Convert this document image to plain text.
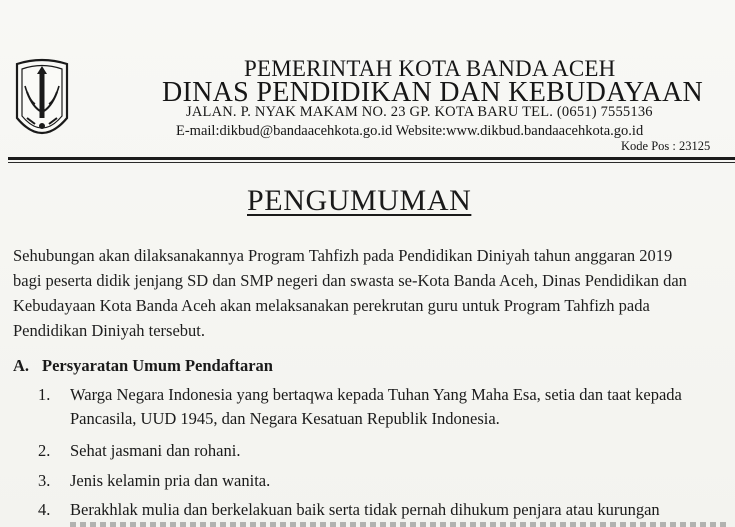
PEMERINTAH KOTA BANDA ACEH
DINAS PENDIDIKAN DAN KEBUDAYAAN
JALAN. P. NYAK MAKAM NO. 23 GP. KOTA BARU TEL. (0651) 7555136
E-mail:dikbud@bandaacehkota.go.id Website:www.dikbud.bandaacehkota.go.id
Kode Pos : 23125
PENGUMUMAN
Sehubungan akan dilaksanakannya Program Tahfizh pada Pendidikan Diniyah tahun anggaran 2019
bagi peserta didik jenjang SD dan SMP negeri dan swasta se-Kota Banda Aceh, Dinas Pendidikan dan
Kebudayaan Kota Banda Aceh akan melaksanakan perekrutan guru untuk Program Tahfizh pada
Pendidikan Diniyah tersebut.
A. Persyaratan Umum Pendaftaran
1. Warga Negara Indonesia yang bertaqwa kepada Tuhan Yang Maha Esa, setia dan taat kepada
Pancasila, UUD 1945, dan Negara Kesatuan Republik Indonesia.
2. Sehat jasmani dan rohani.
3. Jenis kelamin pria dan wanita.
4. Berakhlak mulia dan berkelakuan baik serta tidak pernah dihukum penjara atau kurungan
